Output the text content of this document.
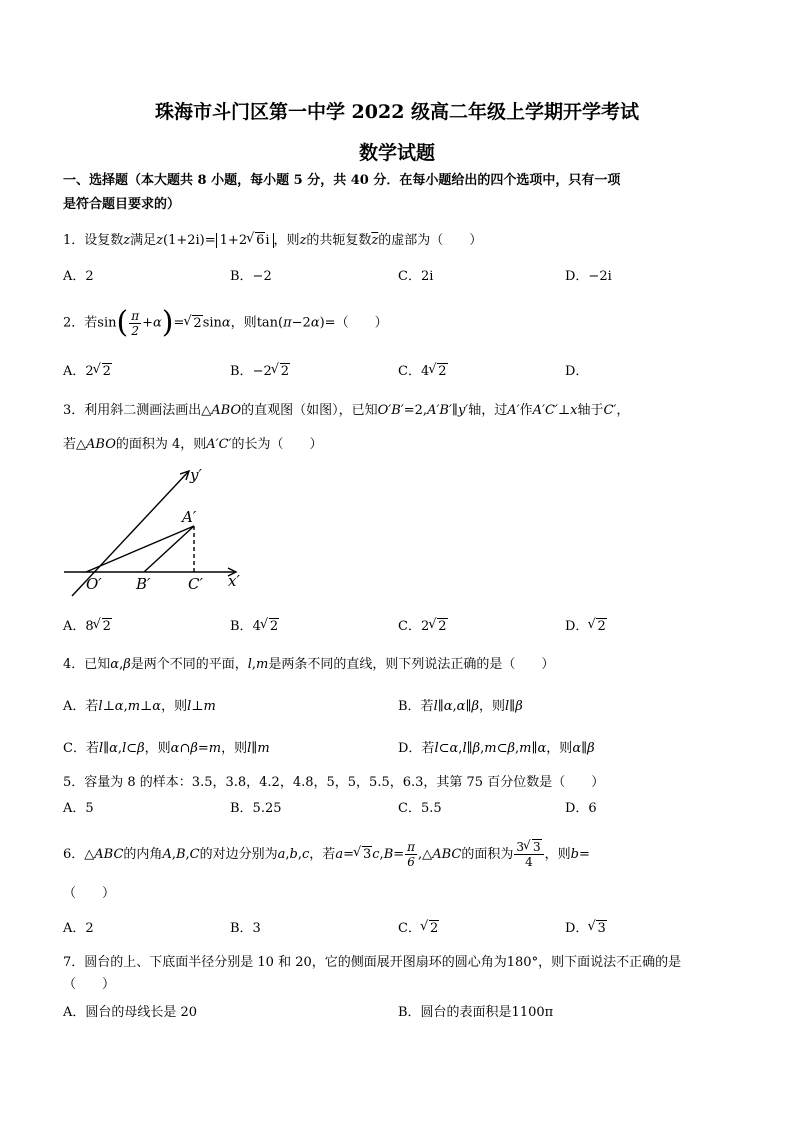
珠海市斗门区第一中学 2022 级高二年级上学期开学考试
数学试题
一、选择题（本大题共 8 小题，每小题 5 分，共 40 分．在每小题给出的四个选项中，只有一项
是符合题目要求的）
1．设复数z满足z(1+2i)= 1+2 √ 6i ，则z的共轭复数$\overline{z}$的虚部为（　　）
A．2	B．−2	C．2i	D．−2i
2．若$\sin( \frac{\pi}{2} +\alpha)=$ √ 2sinα，则tan(π−2α)=（　　）
A．2 √ 2	B．−2 √ 2	C．4 √ 2	D．
3．利用斜二测画法画出△ABO的直观图（如图），已知O′B′=2,A′B′∥y′轴，过A′作A′C′⊥x轴于C′，
若△ABO的面积为 4，则A′C′的长为（　　）
y′
x′
A′
O′ B′	C′
A．8 √ 2	B．4 √ 2	C．2 √ 2	D． √ 2
4．已知α,β是两个不同的平面，l,m是两条不同的直线，则下列说法正确的是（　　）
A．若l⊥α,m⊥α，则l⊥m	B．若l∥α,α∥β，则l∥β
C．若l∥α,l⊂β，则α∩β=m，则l∥m	D．若l⊂α,l∥β,m⊂β,m∥α，则α∥β
5．容量为 8 的样本：3.5，3.8，4.2，4.8，5，5，5.5，6.3，其第 75 百分位数是（　　）
A．5	B．5.25	C．5.5	D．6
6．△ABC的内角A,B,C的对边分别为a,b,c，若a= √ $3c,B= \frac{\pi}{6}$ ,△ABC的面积为 $\frac{3 √ 3}{4}$ ，则b=
（　　）
A．2	B．3	C． √ 2	D． √ 3
7．圆台的上、下底面半径分别是 10 和 20，它的侧面展开图扇环的圆心角为180°，则下面说法不正确的是
（　　）
A．圆台的母线长是 20	B．圆台的表面积是1100π
